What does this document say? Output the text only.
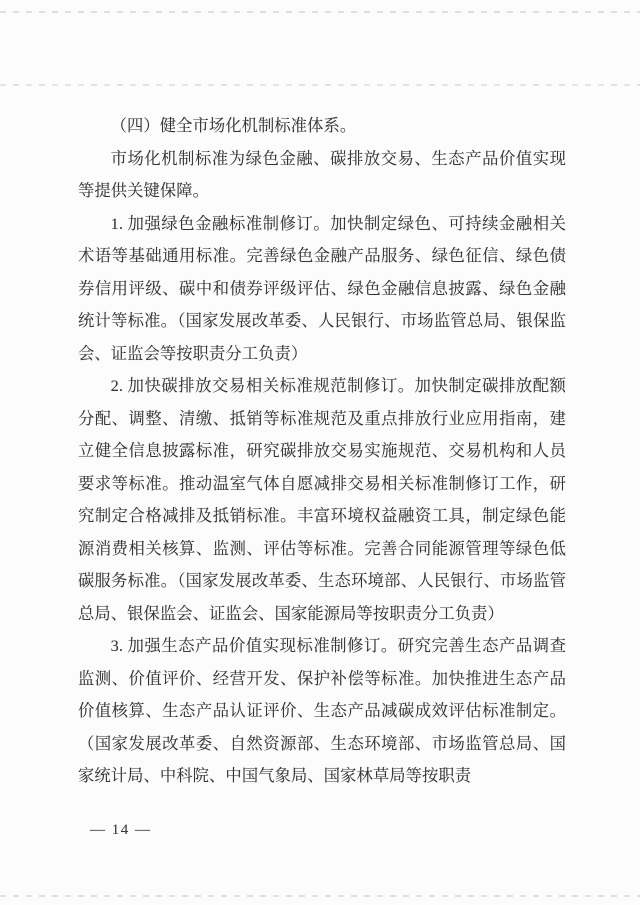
（四）健全市场化机制标准体系。

市场化机制标准为绿色金融、碳排放交易、生态产品价值实现等提供关键保障。

1. 加强绿色金融标准制修订。加快制定绿色、可持续金融相关术语等基础通用标准。完善绿色金融产品服务、绿色征信、绿色债券信用评级、碳中和债券评级评估、绿色金融信息披露、绿色金融统计等标准。（国家发展改革委、人民银行、市场监管总局、银保监会、证监会等按职责分工负责）

2. 加快碳排放交易相关标准规范制修订。加快制定碳排放配额分配、调整、清缴、抵销等标准规范及重点排放行业应用指南，建立健全信息披露标准，研究碳排放交易实施规范、交易机构和人员要求等标准。推动温室气体自愿减排交易相关标准制修订工作，研究制定合格减排及抵销标准。丰富环境权益融资工具，制定绿色能源消费相关核算、监测、评估等标准。完善合同能源管理等绿色低碳服务标准。（国家发展改革委、生态环境部、人民银行、市场监管总局、银保监会、证监会、国家能源局等按职责分工负责）

3. 加强生态产品价值实现标准制修订。研究完善生态产品调查监测、价值评价、经营开发、保护补偿等标准。加快推进生态产品价值核算、生态产品认证评价、生态产品减碳成效评估标准制定。（国家发展改革委、自然资源部、生态环境部、市场监管总局、国家统计局、中科院、中国气象局、国家林草局等按职责

— 14 —
